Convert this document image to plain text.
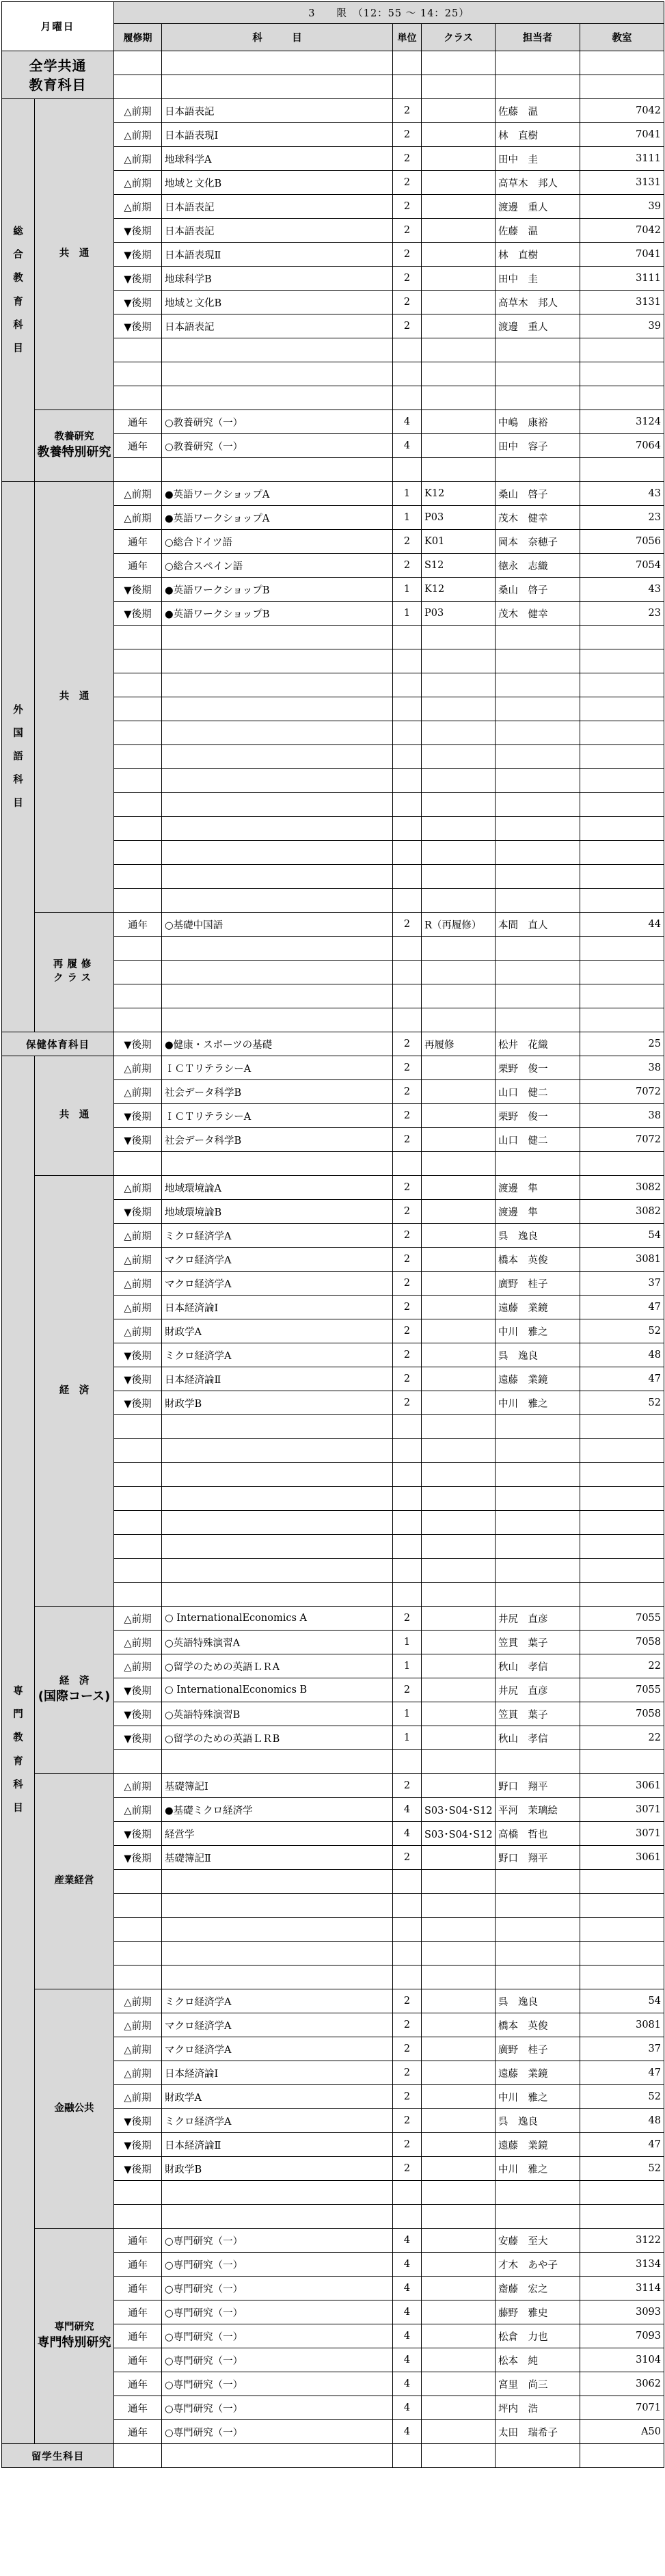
月曜日		3　　限　（12：55 〜 14：25）					
		履修期	科　　　目	単位	クラス	担当者	教室

全学共通
教育科目							

総合教育科目	共　通	△前期	日本語表記	2		佐藤　温	7042
		△前期	日本語表現Ⅰ	2		林　直樹	7041
		△前期	地球科学A	2		田中　圭	3111
		△前期	地域と文化B	2		高草木　邦人	3131
		△前期	日本語表記	2		渡邊　重人	39
		▼後期	日本語表記	2		佐藤　温	7042
		▼後期	日本語表現Ⅱ	2		林　直樹	7041
		▼後期	地球科学B	2		田中　圭	3111
		▼後期	地域と文化B	2		高草木　邦人	3131
		▼後期	日本語表記	2		渡邊　重人	39

	教養研究
教養特別研究	通年	○教養研究（一）	4		中嶋　康裕	3124
		通年	○教養研究（一）	4		田中　容子	7064

外国語科目	共　通	△前期	●英語ワークショップA	1	K12	桑山　啓子	43
		△前期	●英語ワークショップA	1	P03	茂木　健幸	23
		通年	○総合ドイツ語	2	K01	岡本　奈穂子	7056
		通年	○総合スペイン語	2	S12	徳永　志織	7054
		▼後期	●英語ワークショップB	1	K12	桑山　啓子	43
		▼後期	●英語ワークショップB	1	P03	茂木　健幸	23

	再履修
クラス	通年	○基礎中国語	2	R（再履修）	本間　直人	44

保健体育科目		▼後期	●健康・スポーツの基礎	2	再履修	松井　花織	25

専門教育科目	共　通	△前期	ＩＣＴリテラシーA	2		栗野　俊一	38
		△前期	社会データ科学B	2		山口　健二	7072
		▼後期	ＩＣＴリテラシーA	2		栗野　俊一	38
		▼後期	社会データ科学B	2		山口　健二	7072

	経　済	△前期	地域環境論A	2		渡邊　隼	3082
		▼後期	地域環境論B	2		渡邊　隼	3082
		△前期	ミクロ経済学A	2		呉　逸良	54
		△前期	マクロ経済学A	2		橋本　英俊	3081
		△前期	マクロ経済学A	2		廣野　桂子	37
		△前期	日本経済論Ⅰ	2		遠藤　業鏡	47
		△前期	財政学A	2		中川　雅之	52
		▼後期	ミクロ経済学A	2		呉　逸良	48
		▼後期	日本経済論Ⅱ	2		遠藤　業鏡	47
		▼後期	財政学B	2		中川　雅之	52

	経　済
(国際コース)	△前期	○ InternationalEconomics A	2		井尻　直彦	7055
		△前期	○英語特殊演習A	1		笠貫　葉子	7058
		△前期	○留学のための英語ＬＲA	1		秋山　孝信	22
		▼後期	○ InternationalEconomics B	2		井尻　直彦	7055
		▼後期	○英語特殊演習B	1		笠貫　葉子	7058
		▼後期	○留学のための英語ＬＲB	1		秋山　孝信	22

	産業経営	△前期	基礎簿記Ⅰ	2		野口　翔平	3061
		△前期	●基礎ミクロ経済学	4	S03･S04･S12	平河　茉璃絵	3071
		▼後期	経営学	4	S03･S04･S12	高橋　哲也	3071
		▼後期	基礎簿記Ⅱ	2		野口　翔平	3061

	金融公共	△前期	ミクロ経済学A	2		呉　逸良	54
		△前期	マクロ経済学A	2		橋本　英俊	3081
		△前期	マクロ経済学A	2		廣野　桂子	37
		△前期	日本経済論Ⅰ	2		遠藤　業鏡	47
		△前期	財政学A	2		中川　雅之	52
		▼後期	ミクロ経済学A	2		呉　逸良	48
		▼後期	日本経済論Ⅱ	2		遠藤　業鏡	47
		▼後期	財政学B	2		中川　雅之	52

	専門研究
専門特別研究	通年	○専門研究（一）	4		安藤　至大	3122
		通年	○専門研究（一）	4		才木　あや子	3134
		通年	○専門研究（一）	4		齋藤　宏之	3114
		通年	○専門研究（一）	4		藤野　雅史	3093
		通年	○専門研究（一）	4		松倉　力也	7093
		通年	○専門研究（一）	4		松本　純	3104
		通年	○専門研究（一）	4		宮里　尚三	3062
		通年	○専門研究（一）	4		坪内　浩	7071
		通年	○専門研究（一）	4		太田　瑞希子	A50
留学生科目							
